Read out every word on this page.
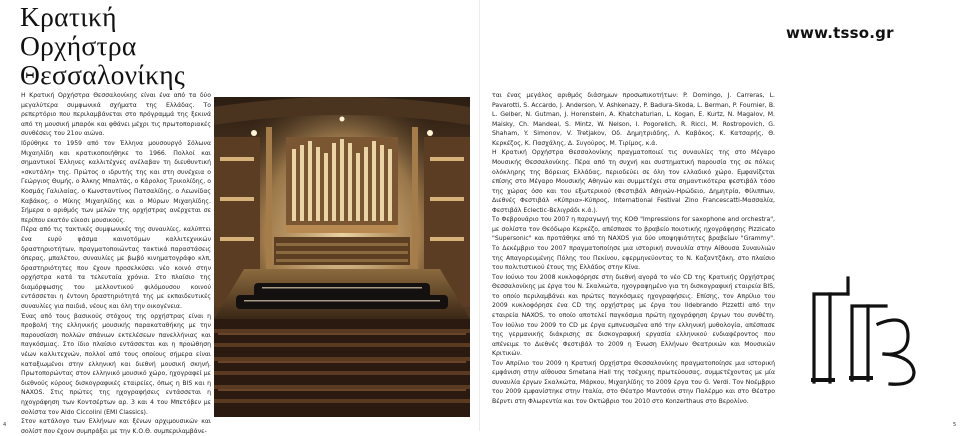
Κρατική
Ορχήστρα
Θεσσαλονίκης

Η Κρατική Ορχήστρα Θεσσαλονίκης είναι ένα από τα δύο μεγαλύτερα συμφωνικά σχήματα της Ελλάδας. Το ρεπερτόριο που περιλαμβάνεται στο πρόγραμμά της ξεκινά από τη μουσική μπαρόκ και φθάνει μέχρι τις πρωτοποριακές συνθέσεις του 21ου αιώνα.

Ιδρύθηκε το 1959 από τον Έλληνα μουσουργό Σόλωνα Μιχαηλίδη και κρατικοποιήθηκε το 1966. Πολλοί και σημαντικοί Έλληνες καλλιτέχνες ανέλαβαν τη διευθυντική «σκυτάλη» της. Πρώτος ο ιδρυτής της και στη συνέχεια ο Γεώργιος Θυμής, ο Άλκης Μπαλτάς, ο Κάρολος Τρικολίδης, ο Κοσμάς Γαλιλαίας, ο Κωνσταντίνος Πατσαλίδης, ο Λεωνίδας Καβάκος, ο Μίκης Μιχαηλίδης και ο Μύρων Μιχαηλίδης. Σήμερα ο αριθμός των μελών της ορχήστρας ανέρχεται σε περίπου εκατόν είκοσι μουσικούς.

Πέρα από τις τακτικές συμφωνικές της συναυλίες, καλύπτει ένα ευρύ φάσμα καινοτόμων καλλιτεχνικών δραστηριοτήτων, πραγματοποιώντας τακτικά παραστάσεις όπερας, μπαλέτου, συναυλίες με βωβό κινηματογράφο κλπ, δραστηριότητες που έχουν προσελκύσει νέο κοινό στην ορχήστρα κατά τα τελευταία χρόνια. Στο πλαίσιο της διαμόρφωσης του μελλοντικού φιλόμουσου κοινού εντάσσεται η έντονη δραστηριότητά της με εκπαιδευτικές συναυλίες για παιδιά, νέους και όλη την οικογένεια.

Ένας από τους βασικούς στόχους της ορχήστρας είναι η προβολή της ελληνικής μουσικής παρακαταθήκης με την παρουσίαση πολλών σπάνιων εκτελέσεων πανελλήνιας και παγκόσμιας. Στο ίδιο πλαίσιο εντάσσεται και η προώθηση νέων καλλιτεχνών, πολλοί από τους οποίους σήμερα είναι καταξιωμένοι στην ελληνική και διεθνή μουσική σκηνή. Πρωτοπορώντας στον ελληνικό μουσικό χώρο, ηχογραφεί με διεθνούς κύρους δισκογραφικές εταιρείες, όπως η BIS και η NAXOS. Στις πρώτες της ηχογραφήσεις εντάσσεται η ηχογράφηση των Κοντσέρτων αρ. 3 και 4 του Μπετόβεν με σολίστα τον Aldo Ciccolini (EMI Classics).

Στον κατάλογο των Ελλήνων και ξένων αρχιμουσικών και σολίστ που έχουν συμπράξει με την Κ.Ο.Θ. συμπεριλαμβάνε-

4
www.tsso.gr

ται ένας μεγάλος αριθμός διάσημων προσωπικοτήτων: P. Domingo, J. Carreras, L. Pavarotti, S. Accardo, J. Anderson, V. Ashkenazy, P. Badura-Skoda, L. Berman, P. Fournier, B. L. Gelber, N. Gutman, J. Horenstein, A. Khatchaturian, L. Kogan, E. Kurtz, N. Magalov, M. Maisky, Ch. Mandeal, S. Mintz, W. Nelson, I. Pogorelich, R. Ricci, M. Rostropovich, G. Shaham, Y. Simonov, V. Tretjakov, Οδ. Δημητριάδης, Λ. Καβάκος, Κ. Κατσαρής, Θ. Κερκέζος, Κ. Πασχάλης, Δ. Συγούρος, Μ. Τιρίμος, κ.ά.

Η Κρατική Ορχήστρα Θεσσαλονίκης πραγματοποιεί τις συναυλίες της στο Μέγαρο Μουσικής Θεσσαλονίκης. Πέρα από τη συχνή και συστηματική παρουσία της σε πόλεις ολόκληρης της Βόρειας Ελλάδας, περιοδεύει σε όλη τον ελλαδικό χώρο. Εμφανίζεται επίσης στο Μέγαρο Μουσικής Αθηνών και συμμετέχει στα σημαντικότερα φεστιβάλ τόσο της χώρας όσο και του εξωτερικού (Φεστιβάλ Αθηνών-Ηρώδειο, Δημητρία, Φίλιππων, Διεθνές Φεστιβάλ «Κύπρια»-Κύπρος, International Festival Zino Francescatti-Μασσαλία, Φεστιβάλ Eclectic-Βελιγράδι κ.ά.).

Το Φεβρουάριο του 2007 η παραγωγή της ΚΟΘ "Impressions for saxophone and orchestra", με σολίστα τον Θεόδωρο Κερκέζο, απέσπασε το βραβείο ποιοτικής ηχογράφησης Pizzicato "Supersonic" και προτάθηκε από τη NAXOS για δύο υποψηφιότητες βραβείων "Grammy". Το Δεκέμβριο του 2007 πραγματοποίησε μια ιστορική συναυλία στην Αίθουσα Συναυλιών της Απαγορευμένης Πόλης του Πεκίνου, εφερμηνεύοντας το Ν. Καζαντζάκη, στο πλαίσιο του πολιτιστικού έτους της Ελλάδος στην Κίνα.

Τον Ιούνιο του 2008 κυκλοφόρησε στη διεθνή αγορά το νέο CD της Κρατικής Ορχήστρας Θεσσαλονίκης με έργα του Ν. Σκαλκώτα, ηχογραφημένο για τη δισκογραφική εταιρεία BIS, το οποίο περιλαμβάνει και πρώτες παγκόσμιες ηχογραφήσεις. Επίσης, τον Απρίλιο του 2009 κυκλοφόρησε ένα CD της ορχήστρας με έργα του Ildebrando Pizzetti από την εταιρεία NAXOS, το οποίο αποτελεί παγκόσμια πρώτη ηχογράφηση έργων του συνθέτη. Τον Ιούλιο του 2009 το CD με έργα εμπνευσμένα από την ελληνική μυθολογία, απέσπασε της γερμανικής διάκρισης σε δισκογραφική εργασία ελληνικού ενδιαφέροντος που απένειμε το Διεθνές Φεστιβάλ το 2009 η Ένωση Ελλήνων Θεατρικών και Μουσικών Κριτικών.

Τον Απρίλιο του 2009 η Κρατική Ορχήστρα Θεσσαλονίκης πραγματοποίησε μια ιστορική εμφάνιση στην αίθουσα Smetana Hall της τσέχικης πρωτεύουσας, συμμετέχοντας με μία συναυλία έργων Σκαλκώτα, Μάρκου, Μιχαηλίδης το 2009 έργα του G. Verdi. Τον Νοέμβριο του 2009 εμφανίστηκε στην Ιταλία, στο Θέατρο Μαντσόνι στην Παλέρμο και στο Θέατρο Βέρντι στη Φλωρεντία και τον Οκτώβριο του 2010 στο Konzerthaus στο Βερολίνο.

5
